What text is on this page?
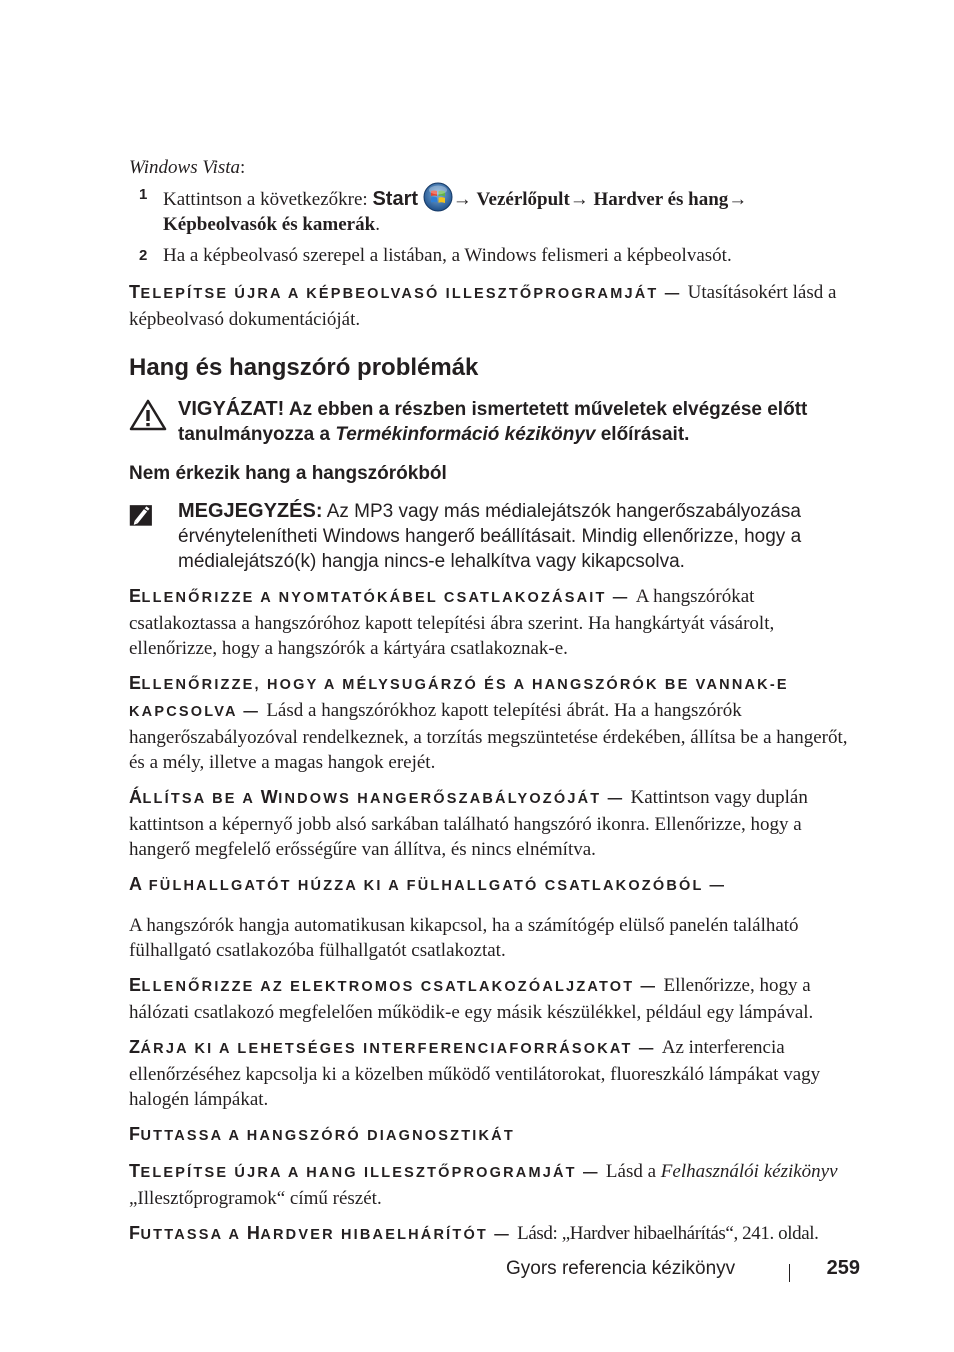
Windows Vista:

1 Kattintson a következőkre: Start → Vezérlőpult→ Hardver és hang→
Képbeolvasók és kamerák.
2 Ha a képbeolvasó szerepel a listában, a Windows felismeri a képbeolvasót.

TELEPÍTSE ÚJRA A KÉPBEOLVASÓ ILLESZTŐPROGRAMJÁT — Utasításokért lásd a képbeolvasó dokumentációját.

Hang és hangszóró problémák
VIGYÁZAT! Az ebben a részben ismertetett műveletek elvégzése előtt tanulmányozza a Termékinformáció kézikönyv előírásait.
Nem érkezik hang a hangszórókból
MEGJEGYZÉS: Az MP3 vagy más médialejátszók hangerőszabályozása érvénytelenítheti Windows hangerő beállításait. Mindig ellenőrizze, hogy a médialejátszó(k) hangja nincs-e lehalkítva vagy kikapcsolva.

ELLENŐRIZZE A NYOMTATÓKÁBEL CSATLAKOZÁSAIT — A hangszórókat csatlakoztassa a hangszóróhoz kapott telepítési ábra szerint. Ha hangkártyát vásárolt, ellenőrizze, hogy a hangszórók a kártyára csatlakoznak-e.

ELLENŐRIZZE, HOGY A MÉLYSUGÁRZÓ ÉS A HANGSZÓRÓK BE VANNAK-E KAPCSOLVA — Lásd a hangszórókhoz kapott telepítési ábrát. Ha a hangszórók hangerőszabályozóval rendelkeznek, a torzítás megszüntetése érdekében, állítsa be a hangerőt, és a mély, illetve a magas hangok erejét.

ÁLLÍTSA BE A WINDOWS HANGERŐSZABÁLYOZÓJÁT — Kattintson vagy duplán kattintson a képernyő jobb alsó sarkában található hangszóró ikonra. Ellenőrizze, hogy a hangerő megfelelő erősségűre van állítva, és nincs elnémítva.

A FÜLHALLGATÓT HÚZZA KI A FÜLHALLGATÓ CSATLAKOZÓBÓL —

A hangszórók hangja automatikusan kikapcsol, ha a számítógép elülső panelén található fülhallgató csatlakozóba fülhallgatót csatlakoztat.

ELLENŐRIZZE AZ ELEKTROMOS CSATLAKOZÓALJZATOT — Ellenőrizze, hogy a hálózati csatlakozó megfelelően működik-e egy másik készülékkel, például egy lámpával.

ZÁRJA KI A LEHETSÉGES INTERFERENCIAFORRÁSOKAT — Az interferencia ellenőrzéséhez kapcsolja ki a közelben működő ventilátorokat, fluoreszkáló lámpákat vagy halogén lámpákat.

FUTTASSA A HANGSZÓRÓ DIAGNOSZTIKÁT

TELEPÍTSE ÚJRA A HANG ILLESZTŐPROGRAMJÁT — Lásd a Felhasználói kézikönyv „Illesztőprogramok“ című részét.

FUTTASSA A HARDVER HIBAELHÁRÍTÓT — Lásd: „Hardver hibaelhárítás“, 241. oldal.

Gyors referencia kézikönyv	259
